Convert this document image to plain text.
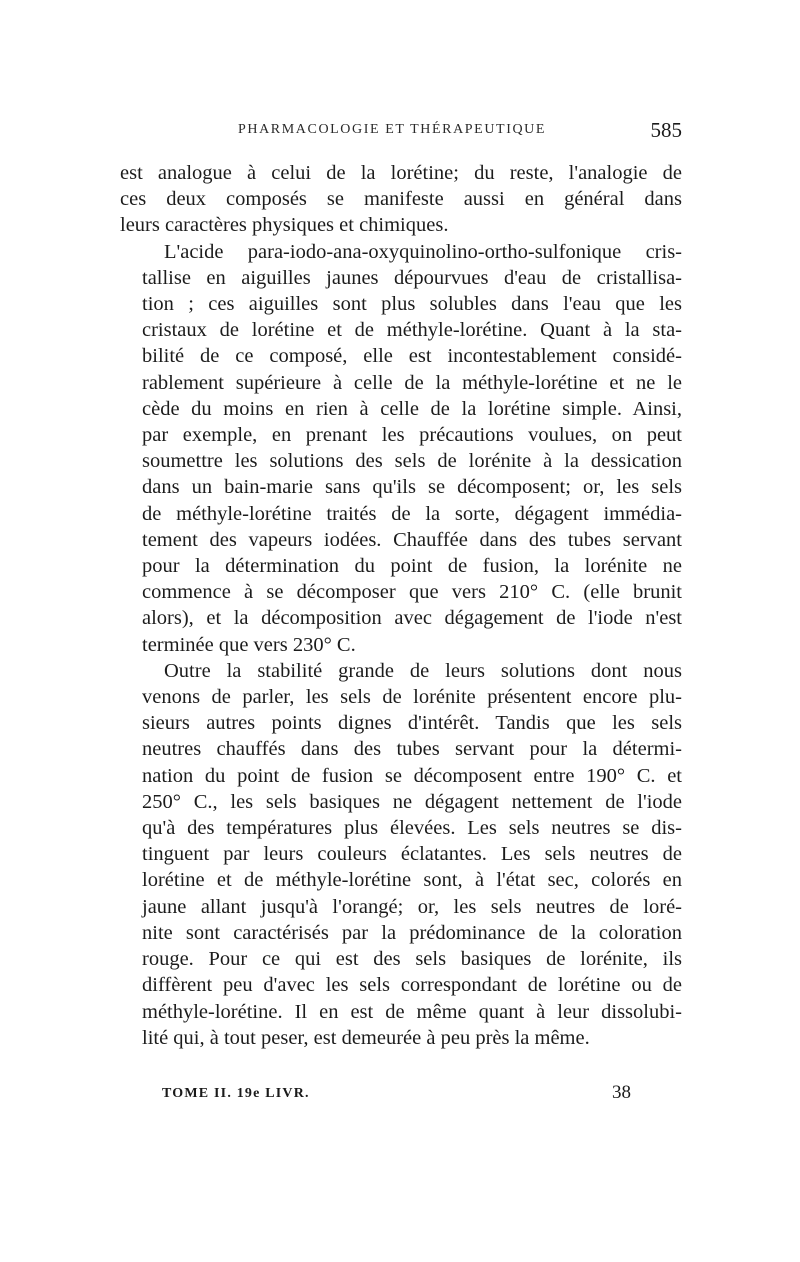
PHARMACOLOGIE ET THÉRAPEUTIQUE	585

est analogue à celui de la lorétine; du reste, l'analogie de
ces deux composés se manifeste aussi en général dans
leurs caractères physiques et chimiques.

L'acide para-iodo-ana-oxyquinolino-ortho-sulfonique cris-
tallise en aiguilles jaunes dépourvues d'eau de cristallisa-
tion ; ces aiguilles sont plus solubles dans l'eau que les
cristaux de lorétine et de méthyle-lorétine. Quant à la sta-
bilité de ce composé, elle est incontestablement considé-
rablement supérieure à celle de la méthyle-lorétine et ne le
cède du moins en rien à celle de la lorétine simple. Ainsi,
par exemple, en prenant les précautions voulues, on peut
soumettre les solutions des sels de lorénite à la dessication
dans un bain-marie sans qu'ils se décomposent; or, les sels
de méthyle-lorétine traités de la sorte, dégagent immédia-
tement des vapeurs iodées. Chauffée dans des tubes servant
pour la détermination du point de fusion, la lorénite ne
commence à se décomposer que vers 210° C. (elle brunit
alors), et la décomposition avec dégagement de l'iode n'est
terminée que vers 230° C.

Outre la stabilité grande de leurs solutions dont nous
venons de parler, les sels de lorénite présentent encore plu-
sieurs autres points dignes d'intérêt. Tandis que les sels
neutres chauffés dans des tubes servant pour la détermi-
nation du point de fusion se décomposent entre 190° C. et
250° C., les sels basiques ne dégagent nettement de l'iode
qu'à des températures plus élevées. Les sels neutres se dis-
tinguent par leurs couleurs éclatantes. Les sels neutres de
lorétine et de méthyle-lorétine sont, à l'état sec, colorés en
jaune allant jusqu'à l'orangé; or, les sels neutres de loré-
nite sont caractérisés par la prédominance de la coloration
rouge. Pour ce qui est des sels basiques de lorénite, ils
diffèrent peu d'avec les sels correspondant de lorétine ou de
méthyle-lorétine. Il en est de même quant à leur dissolubi-
lité qui, à tout peser, est demeurée à peu près la même.

TOME II. 19e LIVR.	38
